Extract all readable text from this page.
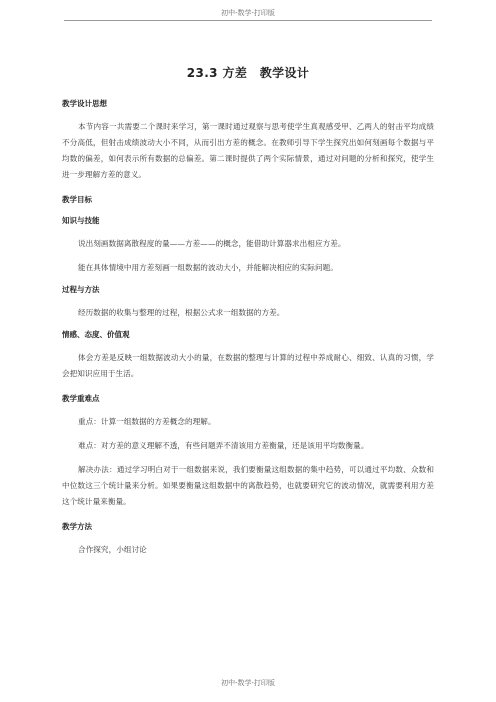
初中-数学-打印版
23.3 方差　教学设计
教学设计思想
本节内容一共需要二个课时来学习，第一课时通过观察与思考使学生真观感受甲、乙两人的射击平均成绩不分高低，但射击成绩波动大小不同，从而引出方差的概念。在教师引导下学生探究出如何刻画每个数据与平均数的偏差，如何表示所有数据的总偏差。第二课时提供了两个实际情景，通过对问题的分析和探究，使学生进一步理解方差的意义。
教学目标
知识与技能
说出刻画数据离散程度的量——方差——的概念，能借助计算器求出相应方差。
能在具体情境中用方差刻画一组数据的波动大小，并能解决相应的实际问题。
过程与方法
经历数据的收集与整理的过程，根据公式求一组数据的方差。
情感、态度、价值观
体会方差是反映一组数据波动大小的量，在数据的整理与计算的过程中养成耐心、细致、认真的习惯，学会把知识应用于生活。
教学重难点
重点：计算一组数据的方差概念的理解。
难点：对方差的意义理解不透，有些问题弄不清该用方差衡量，还是该用平均数衡量。
解决办法：通过学习明白对于一组数据来说，我们要衡量这组数据的集中趋势，可以通过平均数、众数和中位数这三个统计量来分析。如果要衡量这组数据中的离散趋势，也就要研究它的波动情况，就需要利用方差这个统计量来衡量。
教学方法
合作探究，小组讨论
初中-数学-打印版
